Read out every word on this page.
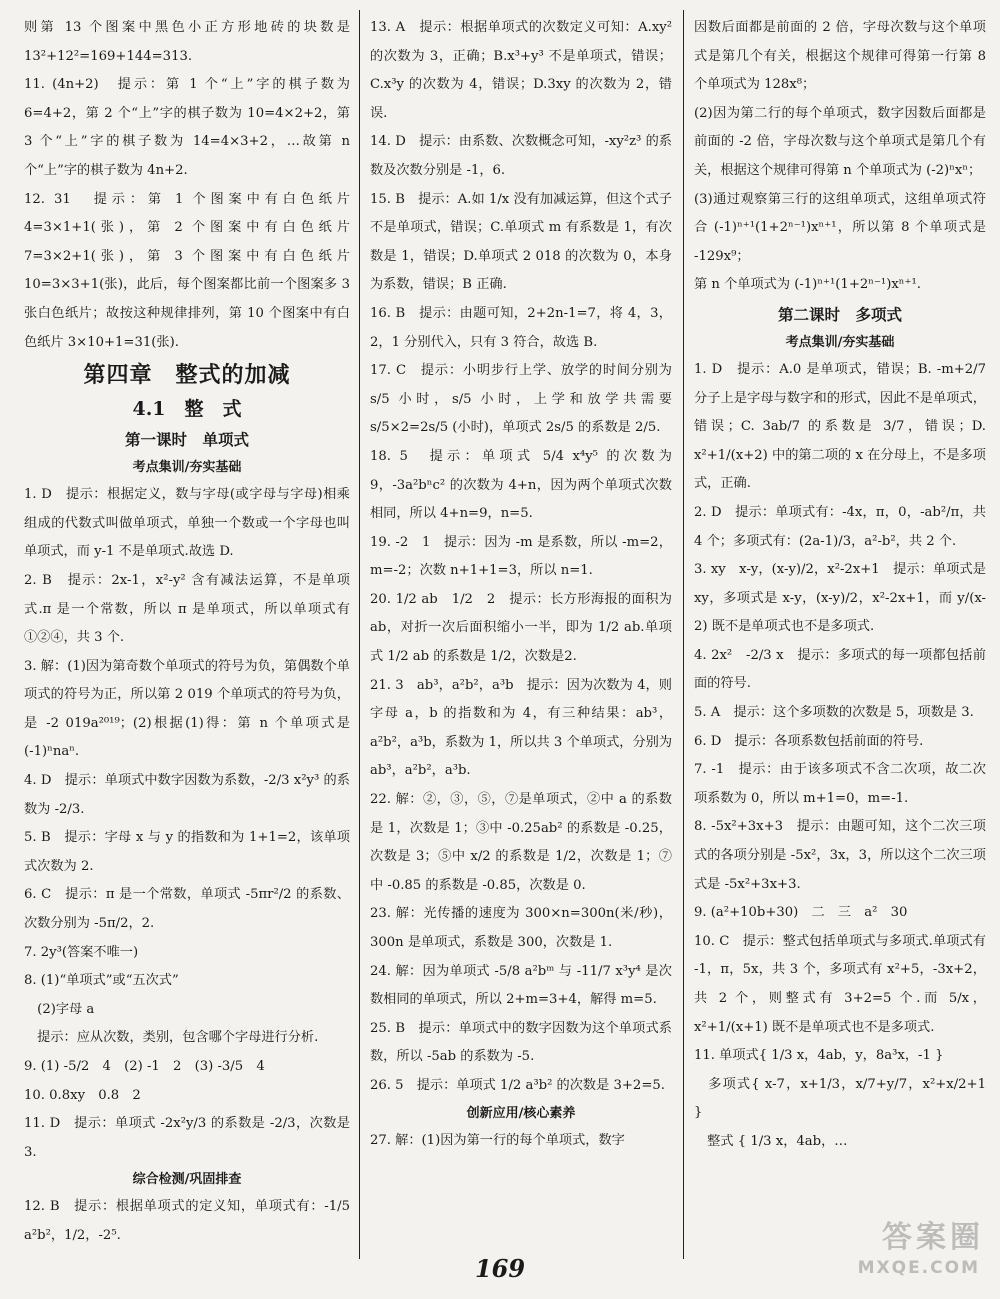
则第 13 个图案中黑色小正方形地砖的块数是 13²+12²=169+144=313.

11. (4n+2)　提示：第 1 个“上”字的棋子数为 6=4+2，第 2 个“上”字的棋子数为 10=4×2+2，第 3 个“上”字的棋子数为 14=4×3+2，…故第 n 个“上”字的棋子数为 4n+2.

12. 31　提示：第 1 个图案中有白色纸片 4=3×1+1(张)，第 2 个图案中有白色纸片 7=3×2+1(张)，第 3 个图案中有白色纸片 10=3×3+1(张)，此后，每个图案都比前一个图案多 3 张白色纸片；故按这种规律排列，第 10 个图案中有白色纸片 3×10+1=31(张).

第四章　整式的加减

4.1　整　式

第一课时　单项式

考点集训/夯实基础

1. D　提示：根据定义，数与字母(或字母与字母)相乘组成的代数式叫做单项式，单独一个数或一个字母也叫单项式，而 y-1 不是单项式.故选 D.

2. B　提示：2x-1，x²-y² 含有减法运算，不是单项式.π 是一个常数，所以 π 是单项式，所以单项式有①②④，共 3 个.

3. 解：(1)因为第奇数个单项式的符号为负，第偶数个单项式的符号为正，所以第 2 019 个单项式的符号为负，是 -2 019a²⁰¹⁹；(2)根据(1)得：第 n 个单项式是 (-1)ⁿnaⁿ.

4. D　提示：单项式中数字因数为系数，-2/3 x²y³ 的系数为 -2/3.

5. B　提示：字母 x 与 y 的指数和为 1+1=2，该单项式次数为 2.

6. C　提示：π 是一个常数，单项式 -5πr²/2 的系数、次数分别为 -5π/2，2.

7. 2y³(答案不唯一)

8. (1)“单项式”或“五次式”

　(2)字母 a

　提示：应从次数，类别，包含哪个字母进行分析.

9. (1) -5/2　4　(2) -1　2　(3) -3/5　4

10. 0.8xy　0.8　2

11. D　提示：单项式 -2x²y/3 的系数是 -2/3，次数是 3.

综合检测/巩固排查

12. B　提示：根据单项式的定义知，单项式有：-1/5 a²b²，1/2，-2⁵.

13. A　提示：根据单项式的次数定义可知：A.xy² 的次数为 3，正确；B.x³+y³ 不是单项式，错误；C.x³y 的次数为 4，错误；D.3xy 的次数为 2，错误.

14. D　提示：由系数、次数概念可知，-xy²z³ 的系数及次数分别是 -1，6.

15. B　提示：A.如 1/x 没有加减运算，但这个式子不是单项式，错误；C.单项式 m 有系数是 1，有次数是 1，错误；D.单项式 2 018 的次数为 0，本身为系数，错误；B 正确.

16. B　提示：由题可知，2+2n-1=7，将 4，3，2，1 分别代入，只有 3 符合，故选 B.

17. C　提示：小明步行上学、放学的时间分别为 s/5 小时，s/5 小时，上学和放学共需要 s/5×2=2s/5 (小时)，单项式 2s/5 的系数是 2/5.

18. 5　提示：单项式 5/4 x⁴y⁵ 的次数为 9，-3a²bⁿc² 的次数为 4+n，因为两个单项式次数相同，所以 4+n=9，n=5.

19. -2　1　提示：因为 -m 是系数，所以 -m=2，m=-2；次数 n+1+1=3，所以 n=1.

20. 1/2 ab　1/2　2　提示：长方形海报的面积为 ab，对折一次后面积缩小一半，即为 1/2 ab.单项式 1/2 ab 的系数是 1/2，次数是2.

21. 3　ab³，a²b²，a³b　提示：因为次数为 4，则字母 a，b 的指数和为 4，有三种结果：ab³，a²b²，a³b，系数为 1，所以共 3 个单项式，分别为 ab³，a²b²，a³b.

22. 解：②，③，⑤，⑦是单项式，②中 a 的系数是 1，次数是 1；③中 -0.25ab² 的系数是 -0.25，次数是 3；⑤中 x/2 的系数是 1/2，次数是 1；⑦中 -0.85 的系数是 -0.85，次数是 0.

23. 解：光传播的速度为 300×n=300n(米/秒)，300n 是单项式，系数是 300，次数是 1.

24. 解：因为单项式 -5/8 a²bᵐ 与 -11/7 x³y⁴ 是次数相同的单项式，所以 2+m=3+4，解得 m=5.

25. B　提示：单项式中的数字因数为这个单项式系数，所以 -5ab 的系数为 -5.

26. 5　提示：单项式 1/2 a³b² 的次数是 3+2=5.

创新应用/核心素养

27. 解：(1)因为第一行的每个单项式，数字

因数后面都是前面的 2 倍，字母次数与这个单项式是第几个有关，根据这个规律可得第一行第 8 个单项式为 128x⁸；

(2)因为第二行的每个单项式，数字因数后面都是前面的 -2 倍，字母次数与这个单项式是第几个有关，根据这个规律可得第 n 个单项式为 (-2)ⁿxⁿ；

(3)通过观察第三行的这组单项式，这组单项式符合 (-1)ⁿ⁺¹(1+2ⁿ⁻¹)xⁿ⁺¹，所以第 8 个单项式是 -129x⁹；

第 n 个单项式为 (-1)ⁿ⁺¹(1+2ⁿ⁻¹)xⁿ⁺¹.

第二课时　多项式

考点集训/夯实基础

1. D　提示：A.0 是单项式，错误；B. -m+2/7 分子上是字母与数字和的形式，因此不是单项式，错误；C. 3ab/7 的系数是 3/7，错误；D. x²+1/(x+2) 中的第二项的 x 在分母上，不是多项式，正确.

2. D　提示：单项式有：-4x，π，0，-ab²/π，共 4 个；多项式有：(2a-1)/3，a²-b²，共 2 个.

3. xy　x-y，(x-y)/2，x²-2x+1　提示：单项式是 xy，多项式是 x-y，(x-y)/2，x²-2x+1，而 y/(x-2) 既不是单项式也不是多项式.

4. 2x²　-2/3 x　提示：多项式的每一项都包括前面的符号.

5. A　提示：这个多项数的次数是 5，项数是 3.

6. D　提示：各项系数包括前面的符号.

7. -1　提示：由于该多项式不含二次项，故二次项系数为 0，所以 m+1=0，m=-1.

8. -5x²+3x+3　提示：由题可知，这个二次三项式的各项分别是 -5x²，3x，3，所以这个二次三项式是 -5x²+3x+3.

9. (a²+10b+30)　二　三　a²　30

10. C　提示：整式包括单项式与多项式.单项式有 -1，π，5x，共 3 个，多项式有 x²+5，-3x+2，共 2 个，则整式有 3+2=5 个.而 5/x，x²+1/(x+1) 既不是单项式也不是多项式.

11. 单项式{ 1/3 x，4ab，y，8a³x，-1 }

　多项式{ x-7，x+1/3，x/7+y/7，x²+x/2+1 }

　整式 { 1/3 x，4ab，…

169
答案圈
MXQE.COM
